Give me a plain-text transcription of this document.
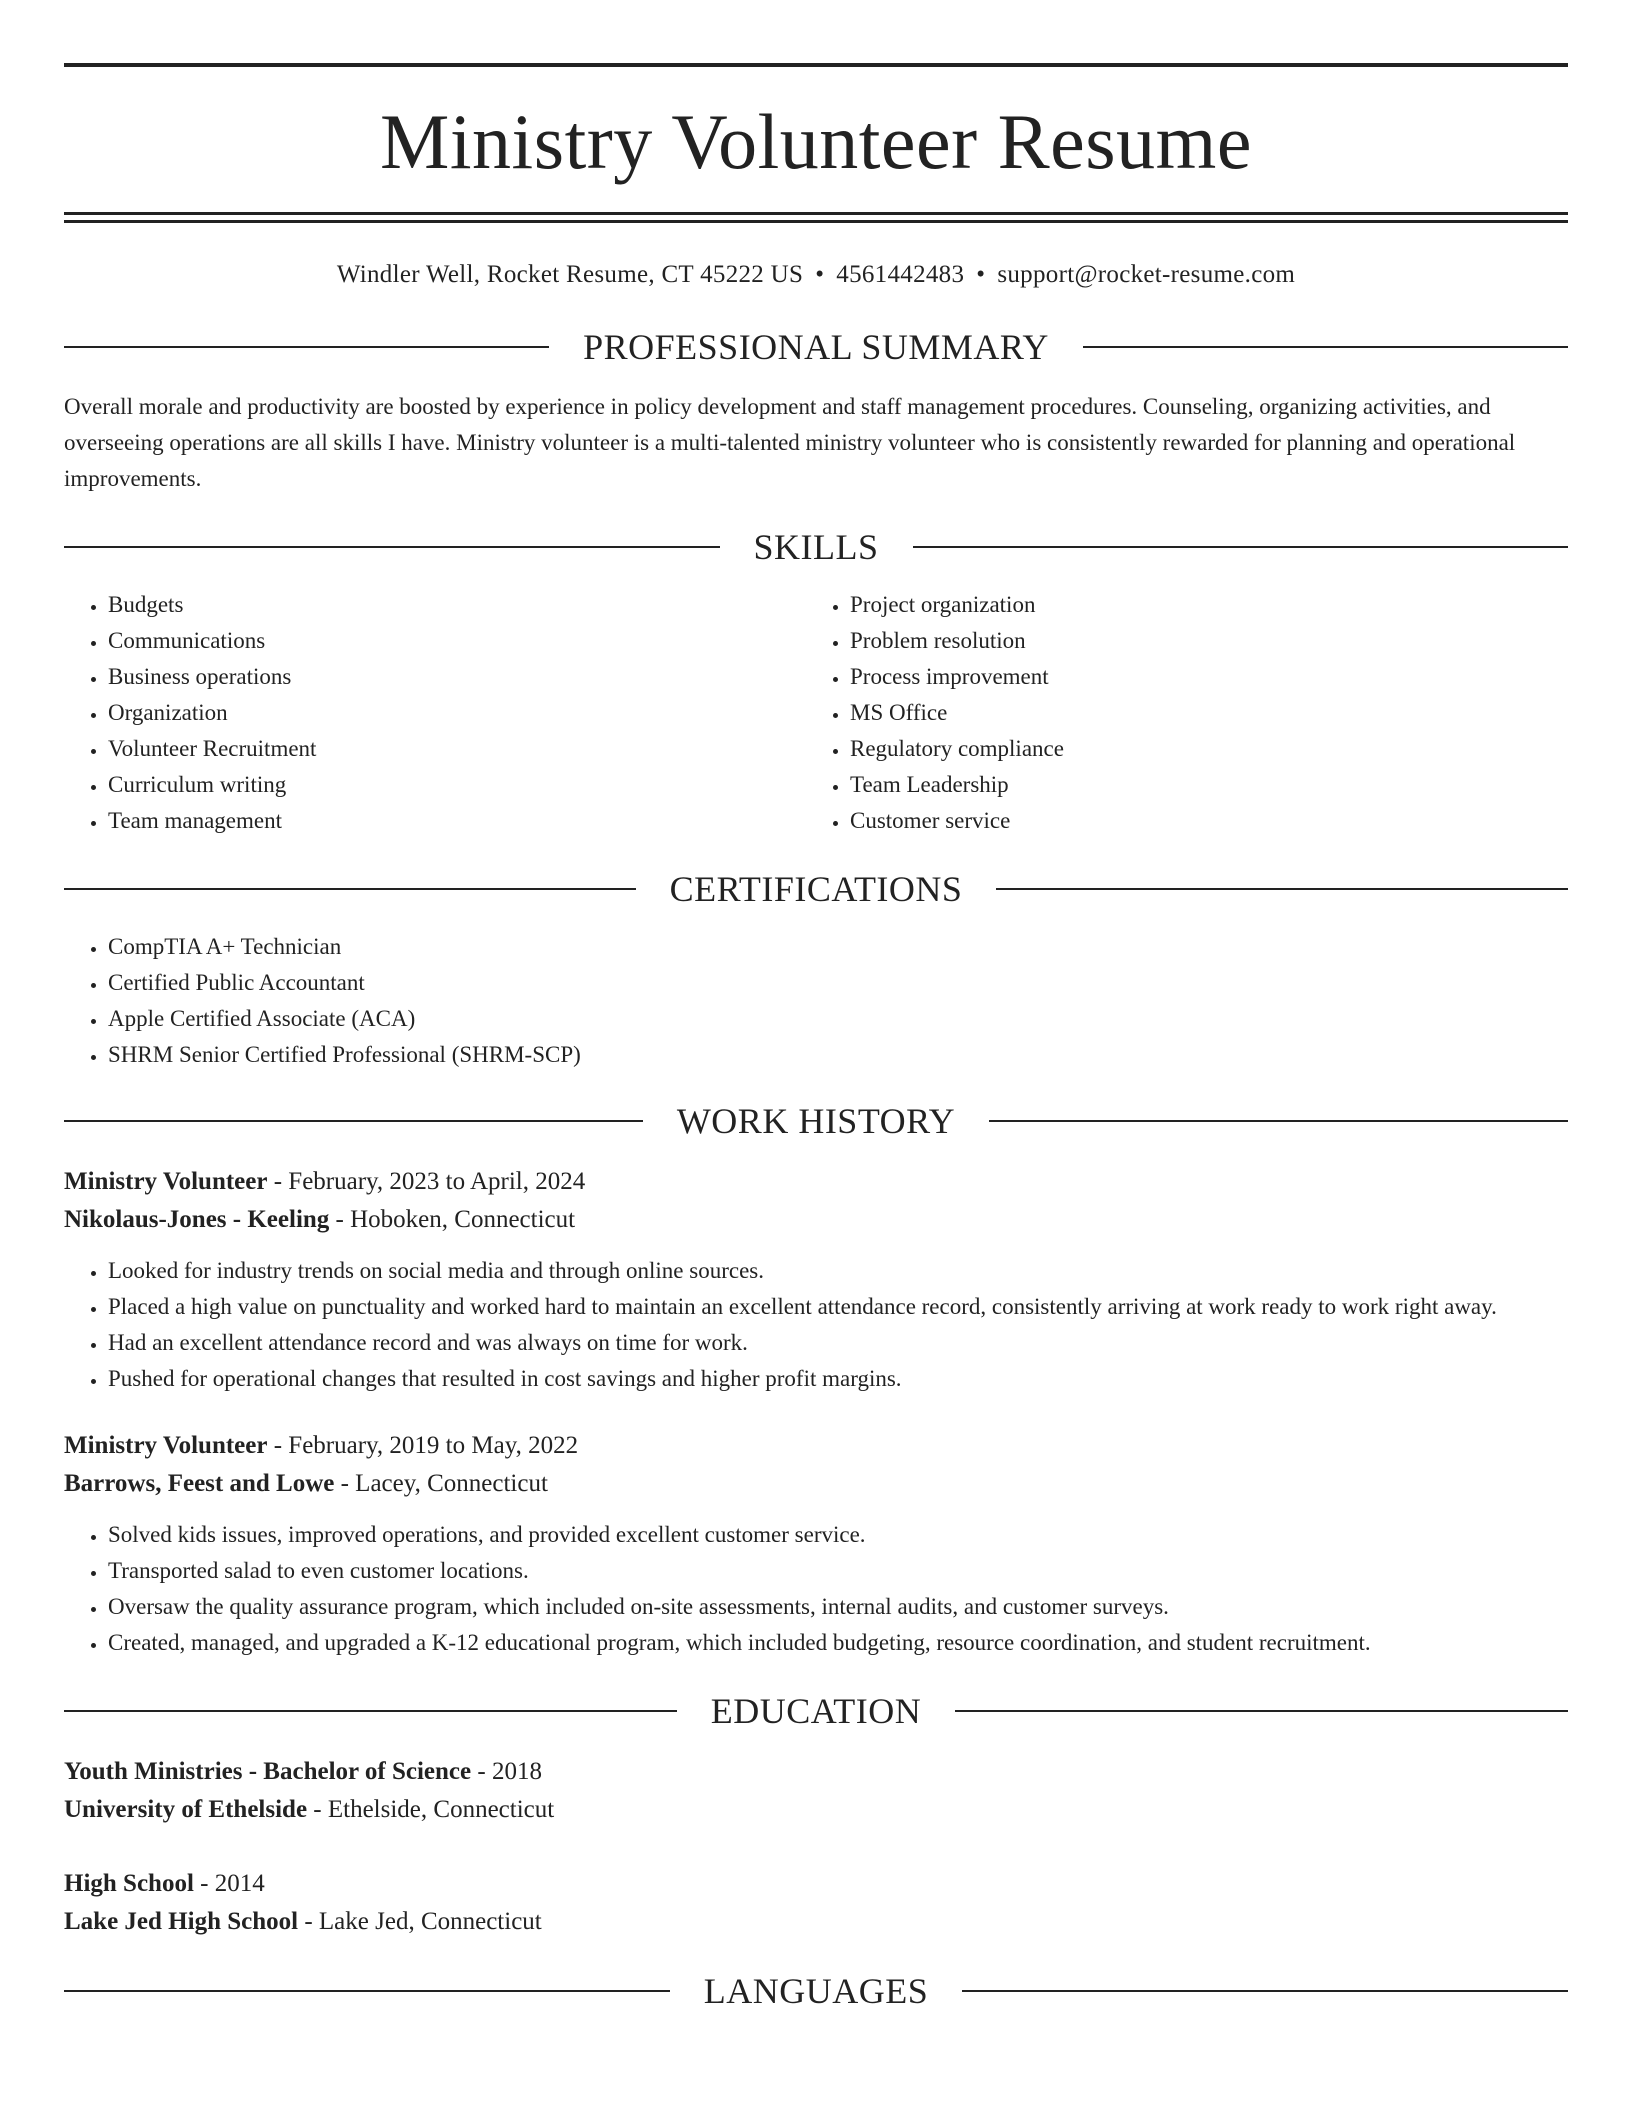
Ministry Volunteer Resume
Windler Well, Rocket Resume, CT 45222 US • 4561442483 • support@rocket-resume.com
PROFESSIONAL SUMMARY

Overall morale and productivity are boosted by experience in policy development and staff management procedures. Counseling, organizing activities, and overseeing operations are all skills I have. Ministry volunteer is a multi-talented ministry volunteer who is consistently rewarded for planning and operational improvements.

SKILLS
• Budgets
• Communications
• Business operations
• Organization
• Volunteer Recruitment
• Curriculum writing
• Team management
• Project organization
• Problem resolution
• Process improvement
• MS Office
• Regulatory compliance
• Team Leadership
• Customer service
CERTIFICATIONS
• CompTIA A+ Technician
• Certified Public Accountant
• Apple Certified Associate (ACA)
• SHRM Senior Certified Professional (SHRM-SCP)
WORK HISTORY
Ministry Volunteer - February, 2023 to April, 2024
Nikolaus-Jones - Keeling - Hoboken, Connecticut
• Looked for industry trends on social media and through online sources.
• Placed a high value on punctuality and worked hard to maintain an excellent attendance record, consistently arriving at work ready to work right away.
• Had an excellent attendance record and was always on time for work.
• Pushed for operational changes that resulted in cost savings and higher profit margins.
Ministry Volunteer - February, 2019 to May, 2022
Barrows, Feest and Lowe - Lacey, Connecticut
• Solved kids issues, improved operations, and provided excellent customer service.
• Transported salad to even customer locations.
• Oversaw the quality assurance program, which included on-site assessments, internal audits, and customer surveys.
• Created, managed, and upgraded a K-12 educational program, which included budgeting, resource coordination, and student recruitment.
EDUCATION
Youth Ministries - Bachelor of Science - 2018
University of Ethelside - Ethelside, Connecticut
High School - 2014
Lake Jed High School - Lake Jed, Connecticut
LANGUAGES
